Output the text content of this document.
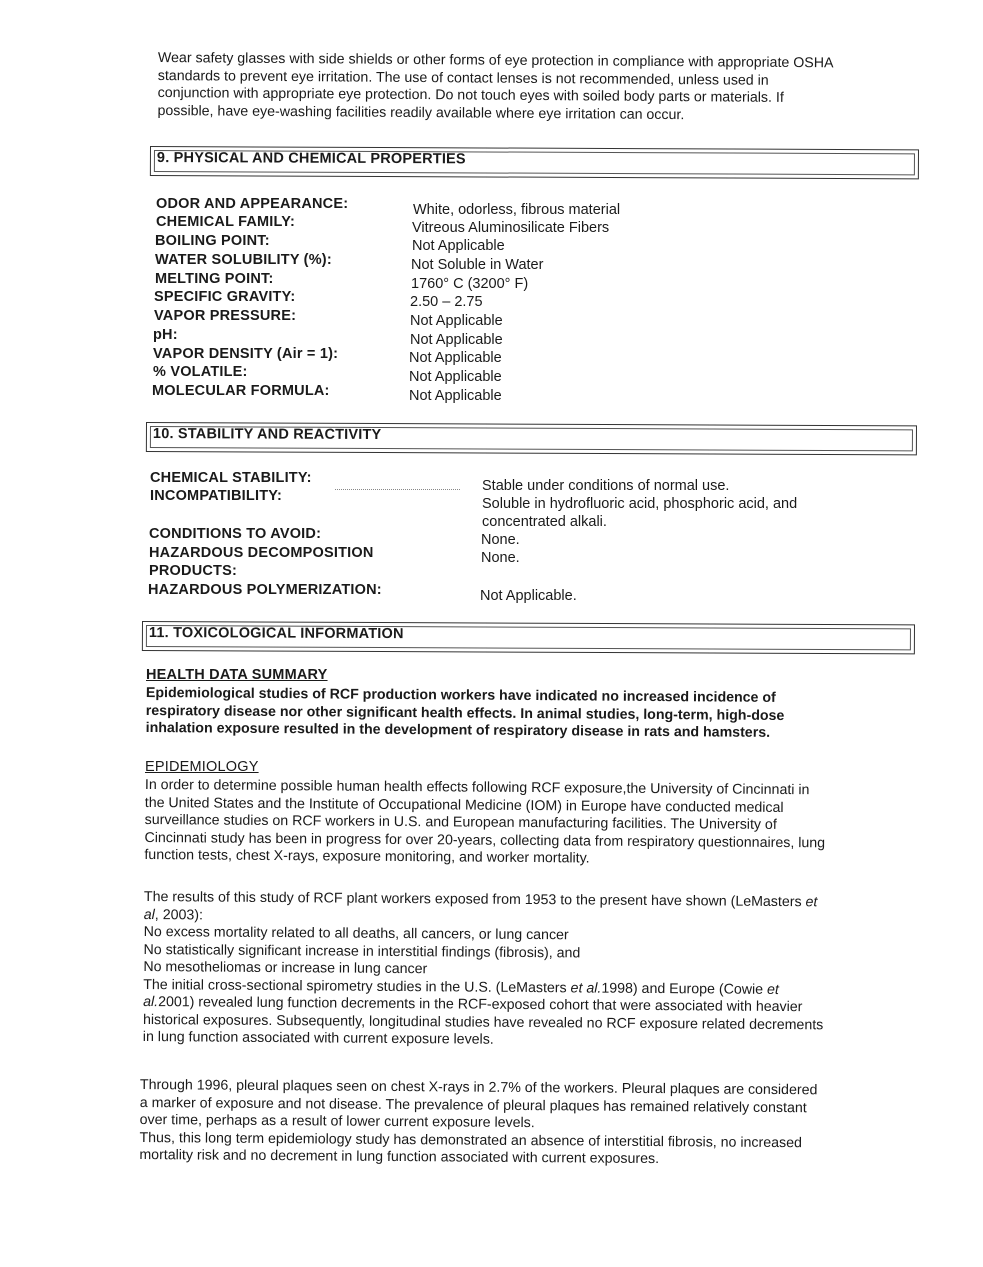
Wear safety glasses with side shields or other forms of eye protection in compliance with appropriate OSHA
standards to prevent eye irritation. The use of contact lenses is not recommended, unless used in
conjunction with appropriate eye protection. Do not touch eyes with soiled body parts or materials. If
possible, have eye-washing facilities readily available where eye irritation can occur.
9. PHYSICAL AND CHEMICAL PROPERTIES
ODOR AND APPEARANCE:	White, odorless, fibrous material
CHEMICAL FAMILY:	Vitreous Aluminosilicate Fibers
BOILING POINT:	Not Applicable
WATER SOLUBILITY (%):	Not Soluble in Water
MELTING POINT:	1760° C (3200° F)
SPECIFIC GRAVITY:	2.50 – 2.75
VAPOR PRESSURE:	Not Applicable
pH:	Not Applicable
VAPOR DENSITY (Air = 1):	Not Applicable
% VOLATILE:	Not Applicable
MOLECULAR FORMULA:	Not Applicable
10. STABILITY AND REACTIVITY
CHEMICAL STABILITY:	Stable under conditions of normal use.
INCOMPATIBILITY:	Soluble in hydrofluoric acid, phosphoric acid, and
concentrated alkali.
CONDITIONS TO AVOID:	None.
HAZARDOUS DECOMPOSITION	None.
PRODUCTS:
HAZARDOUS POLYMERIZATION:	Not Applicable.
11. TOXICOLOGICAL INFORMATION
HEALTH DATA SUMMARY
Epidemiological studies of RCF production workers have indicated no increased incidence of
respiratory disease nor other significant health effects. In animal studies, long-term, high-dose
inhalation exposure resulted in the development of respiratory disease in rats and hamsters.
EPIDEMIOLOGY
In order to determine possible human health effects following RCF exposure,the University of Cincinnati in
the United States and the Institute of Occupational Medicine (IOM) in Europe have conducted medical
surveillance studies on RCF workers in U.S. and European manufacturing facilities. The University of
Cincinnati study has been in progress for over 20-years, collecting data from respiratory questionnaires, lung
function tests, chest X-rays, exposure monitoring, and worker mortality.
The results of this study of RCF plant workers exposed from 1953 to the present have shown (LeMasters et
al, 2003):
No excess mortality related to all deaths, all cancers, or lung cancer
No statistically significant increase in interstitial findings (fibrosis), and
No mesotheliomas or increase in lung cancer
The initial cross-sectional spirometry studies in the U.S. (LeMasters et al.1998) and Europe (Cowie et
al.2001) revealed lung function decrements in the RCF-exposed cohort that were associated with heavier
historical exposures. Subsequently, longitudinal studies have revealed no RCF exposure related decrements
in lung function associated with current exposure levels.
Through 1996, pleural plaques seen on chest X-rays in 2.7% of the workers. Pleural plaques are considered
a marker of exposure and not disease. The prevalence of pleural plaques has remained relatively constant
over time, perhaps as a result of lower current exposure levels.
Thus, this long term epidemiology study has demonstrated an absence of interstitial fibrosis, no increased
mortality risk and no decrement in lung function associated with current exposures.
